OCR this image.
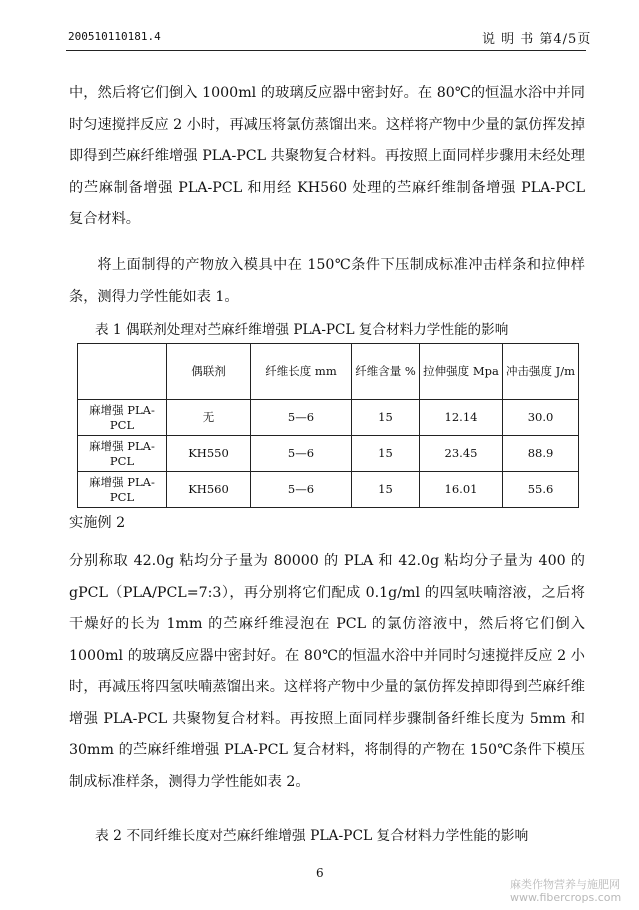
200510110181.4	说 明 书 第4/5页
中，然后将它们倒入 1000ml 的玻璃反应器中密封好。在 80℃的恒温水浴中并同时匀速搅拌反应 2 小时，再减压将氯仿蒸馏出来。这样将产物中少量的氯仿挥发掉即得到苎麻纤维增强 PLA-PCL 共聚物复合材料。再按照上面同样步骤用未经处理的苎麻制备增强 PLA-PCL 和用经 KH560 处理的苎麻纤维制备增强 PLA-PCL 复合材料。
将上面制得的产物放入模具中在 150℃条件下压制成标准冲击样条和拉伸样条，测得力学性能如表 1。
表 1 偶联剂处理对苎麻纤维增强 PLA-PCL 复合材料力学性能的影响
	偶联剂	纤维长度 mm	纤维含量 %	拉伸强度 Mpa	冲击强度 J/m
麻增强 PLA-PCL	无	5—6	15	12.14	30.0
麻增强 PLA-PCL	KH550	5—6	15	23.45	88.9
麻增强 PLA-PCL	KH560	5—6	15	16.01	55.6
实施例 2
分别称取 42.0g 粘均分子量为 80000 的 PLA 和 42.0g 粘均分子量为 400 的gPCL（PLA/PCL=7:3），再分别将它们配成 0.1g/ml 的四氢呋喃溶液，之后将干燥好的长为 1mm 的苎麻纤维浸泡在 PCL 的氯仿溶液中，然后将它们倒入 1000ml 的玻璃反应器中密封好。在 80℃的恒温水浴中并同时匀速搅拌反应 2 小时，再减压将四氢呋喃蒸馏出来。这样将产物中少量的氯仿挥发掉即得到苎麻纤维增强 PLA-PCL 共聚物复合材料。再按照上面同样步骤制备纤维长度为 5mm 和 30mm 的苎麻纤维增强 PLA-PCL 复合材料，将制得的产物在 150℃条件下模压制成标准样条，测得力学性能如表 2。
表 2 不同纤维长度对苎麻纤维增强 PLA-PCL 复合材料力学性能的影响
6
麻类作物营养与施肥网
www.fibercrops.com
